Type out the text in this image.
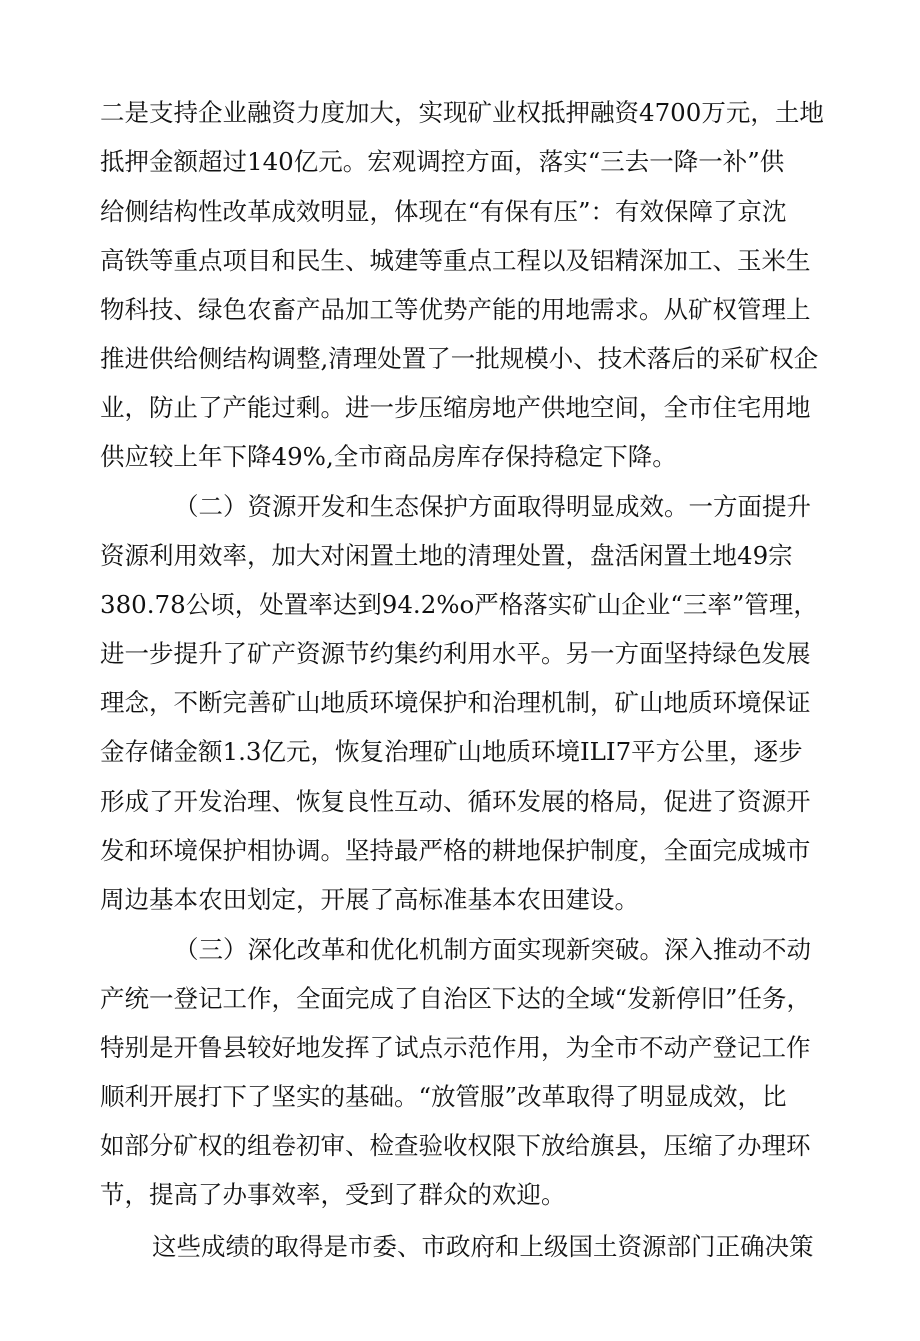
二是支持企业融资力度加大，实现矿业权抵押融资4700万元，土地
抵押金额超过140亿元。宏观调控方面，落实“三去一降一补”供
给侧结构性改革成效明显，体现在“有保有压”：有效保障了京沈
高铁等重点项目和民生、城建等重点工程以及铝精深加工、玉米生
物科技、绿色农畜产品加工等优势产能的用地需求。从矿权管理上
推进供给侧结构调整,清理处置了一批规模小、技术落后的采矿权企
业，防止了产能过剩。进一步压缩房地产供地空间，全市住宅用地
供应较上年下降49%,全市商品房库存保持稳定下降。
（二）资源开发和生态保护方面取得明显成效。一方面提升
资源利用效率，加大对闲置土地的清理处置，盘活闲置土地49宗
380.78公顷，处置率达到94.2%o严格落实矿山企业“三率”管理，
进一步提升了矿产资源节约集约利用水平。另一方面坚持绿色发展
理念，不断完善矿山地质环境保护和治理机制，矿山地质环境保证
金存储金额1.3亿元，恢复治理矿山地质环境ILI7平方公里，逐步
形成了开发治理、恢复良性互动、循环发展的格局，促进了资源开
发和环境保护相协调。坚持最严格的耕地保护制度，全面完成城市
周边基本农田划定，开展了高标准基本农田建设。
（三）深化改革和优化机制方面实现新突破。深入推动不动
产统一登记工作，全面完成了自治区下达的全域“发新停旧”任务，
特别是开鲁县较好地发挥了试点示范作用，为全市不动产登记工作
顺利开展打下了坚实的基础。“放管服”改革取得了明显成效，比
如部分矿权的组卷初审、检查验收权限下放给旗县，压缩了办理环
节，提高了办事效率，受到了群众的欢迎。
这些成绩的取得是市委、市政府和上级国土资源部门正确决策
